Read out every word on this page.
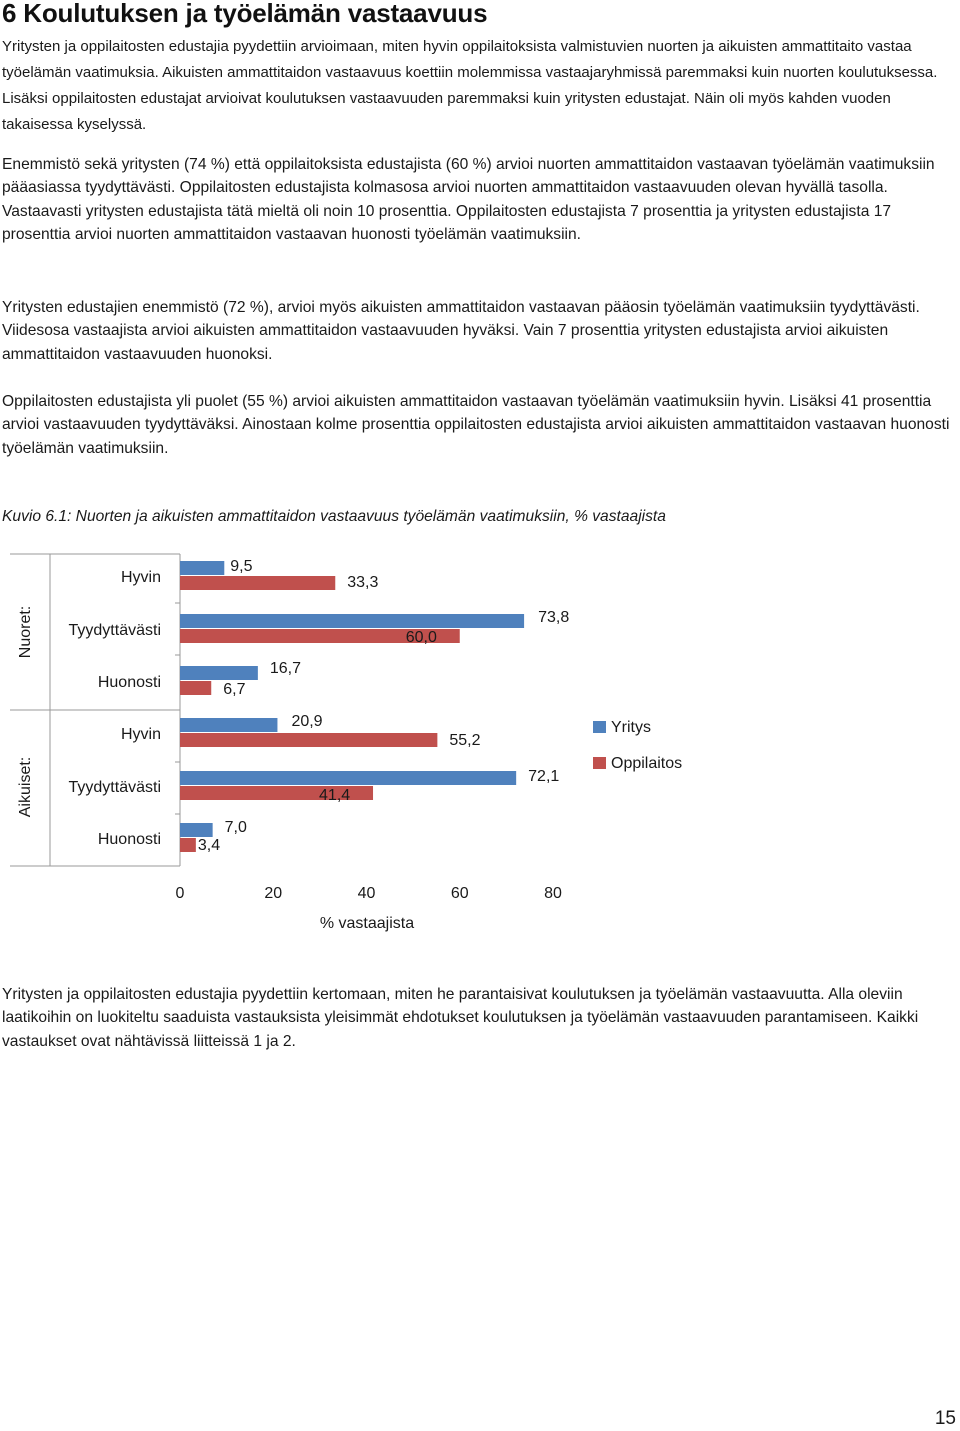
6 Koulutuksen ja työelämän vastaavuus

Yritysten ja oppilaitosten edustajia pyydettiin arvioimaan, miten hyvin oppilaitoksista valmistuvien nuorten ja aikuisten ammattitaito vastaa työelämän vaatimuksia. Aikuisten ammattitaidon vastaavuus koettiin molemmissa vastaajaryhmissä paremmaksi kuin nuorten koulutuksessa. Lisäksi oppilaitosten edustajat arvioivat koulutuksen vastaavuuden paremmaksi kuin yritysten edustajat. Näin oli myös kahden vuoden takaisessa kyselyssä.

Enemmistö sekä yritysten (74 %) että oppilaitoksista edustajista (60 %) arvioi nuorten ammattitaidon vastaavan työelämän vaatimuksiin pääasiassa tyydyttävästi. Oppilaitosten edustajista kolmasosa arvioi nuorten ammattitaidon vastaavuuden olevan hyvällä tasolla. Vastaavasti yritysten edustajista tätä mieltä oli noin 10 prosenttia. Oppilaitosten edustajista 7 prosenttia ja yritysten edustajista 17 prosenttia arvioi nuorten ammattitaidon vastaavan huonosti työelämän vaatimuksiin.

Yritysten edustajien enemmistö (72 %), arvioi myös aikuisten ammattitaidon vastaavan pääosin työelämän vaatimuksiin tyydyttävästi. Viidesosa vastaajista arvioi aikuisten ammattitaidon vastaavuuden hyväksi. Vain 7 prosenttia yritysten edustajista arvioi aikuisten ammattitaidon vastaavuuden huonoksi.

Oppilaitosten edustajista yli puolet (55 %) arvioi aikuisten ammattitaidon vastaavan työelämän vaatimuksiin hyvin. Lisäksi 41 prosenttia arvioi vastaavuuden tyydyttäväksi. Ainostaan kolme prosenttia oppilaitosten edustajista arvioi aikuisten ammattitaidon vastaavan huonosti työelämän vaatimuksiin.

Kuvio 6.1: Nuorten ja aikuisten ammattitaidon vastaavuus työelämän vaatimuksiin, % vastaajista

Nuoret:
Aikuiset:
Hyvin
Tyydyttävästi
Huonosti
Hyvin
Tyydyttävästi
Huonosti
9,5
73,8
16,7
20,9
72,1
7,0
33,3
60,0
6,7
55,2
41,4
3,4
0	20	40	60	80
% vastaajista
Yritys
Oppilaitos

Yritysten ja oppilaitosten edustajia pyydettiin kertomaan, miten he parantaisivat koulutuksen ja työelämän vastaavuutta. Alla oleviin laatikoihin on luokiteltu saaduista vastauksista yleisimmät ehdotukset koulutuksen ja työelämän vastaavuuden parantamiseen. Kaikki vastaukset ovat nähtävissä liitteissä 1 ja 2.

15
